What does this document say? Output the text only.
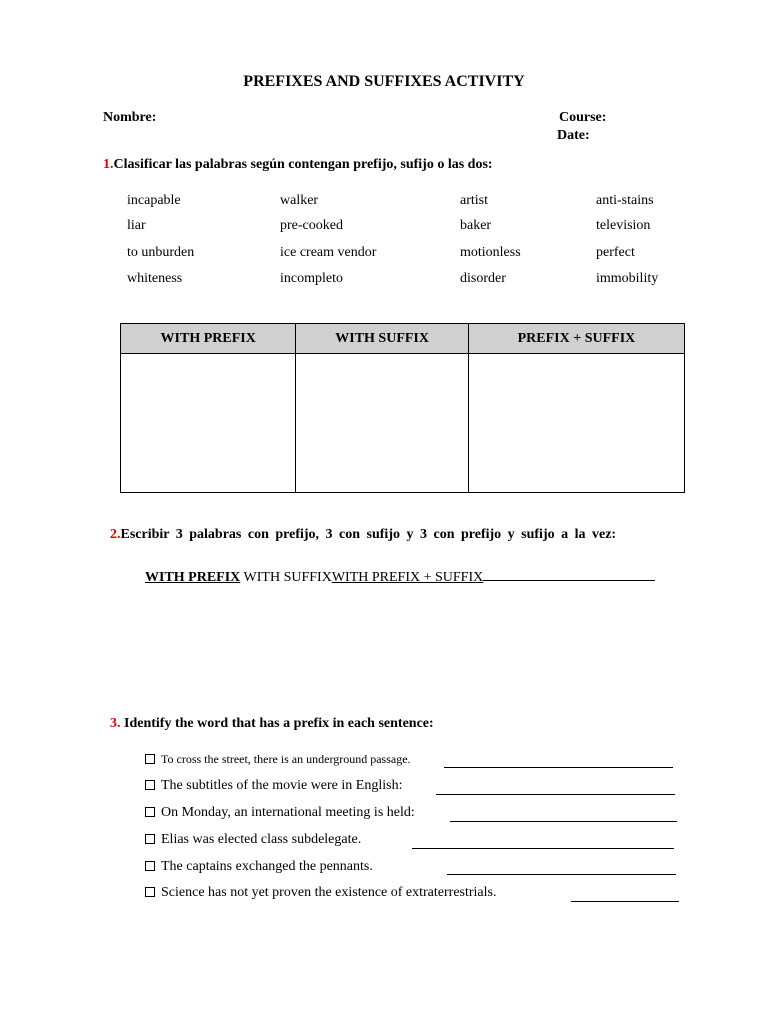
PREFIXES AND SUFFIXES ACTIVITY
Nombre:	Course:
Date:
1.Clasificar las palabras según contengan prefijo, sufijo o las dos:
incapable	walker	artist	anti-stains
liar	pre-cooked	baker	television
to unburden	ice cream vendor	motionless	perfect
whiteness	incompleto	disorder	immobility
WITH PREFIX	WITH SUFFIX	PREFIX + SUFFIX

2.Escribir 3 palabras con prefijo, 3 con sufijo y 3 con prefijo y sufijo a la vez:
WITH PREFIX WITH SUFFIXWITH PREFIX + SUFFIX
3. Identify the word that has a prefix in each sentence:
To cross the street, there is an underground passage.
The subtitles of the movie were in English:
On Monday, an international meeting is held:
Elias was elected class subdelegate.
The captains exchanged the pennants.
Science has not yet proven the existence of extraterrestrials.
